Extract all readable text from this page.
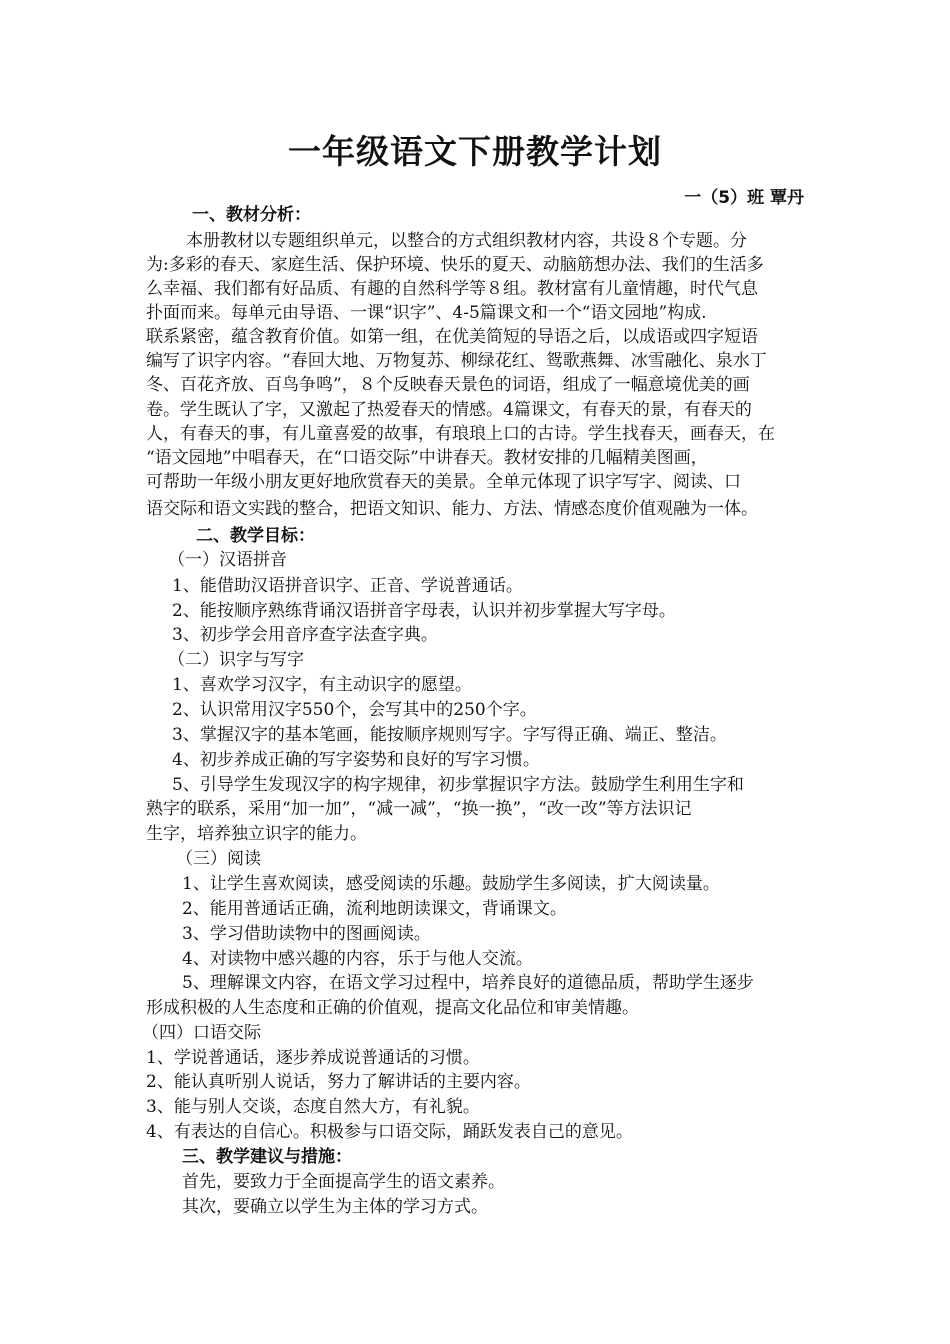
一年级语文下册教学计划
一（5）班 覃丹
一、教材分析：
本册教材以专题组织单元，以整合的方式组织教材内容，共设８个专题。分
为:多彩的春天、家庭生活、保护环境、快乐的夏天、动脑筋想办法、我们的生活多
么幸福、我们都有好品质、有趣的自然科学等８组。教材富有儿童情趣，时代气息
扑面而来。每单元由导语、一课“识字”、4-5篇课文和一个“语文园地”构成.
联系紧密，蕴含教育价值。如第一组，在优美简短的导语之后，以成语或四字短语
编写了识字内容。“春回大地、万物复苏、柳绿花红、鸳歌燕舞、冰雪融化、泉水丁
冬、百花齐放、百鸟争鸣”，８个反映春天景色的词语，组成了一幅意境优美的画
卷。学生既认了字，又激起了热爱春天的情感。4篇课文，有春天的景，有春天的
人，有春天的事，有儿童喜爱的故事，有琅琅上口的古诗。学生找春天，画春天，在
“语文园地”中唱春天，在“口语交际”中讲春天。教材安排的几幅精美图画，
可帮助一年级小朋友更好地欣赏春天的美景。全单元体现了识字写字、阅读、口
语交际和语文实践的整合，把语文知识、能力、方法、情感态度价值观融为一体。
二、教学目标：
（一）汉语拼音
1、能借助汉语拼音识字、正音、学说普通话。
2、能按顺序熟练背诵汉语拼音字母表，认识并初步掌握大写字母。
3、初步学会用音序查字法查字典。
（二）识字与写字
1、喜欢学习汉字，有主动识字的愿望。
2、认识常用汉字550个，会写其中的250个字。
3、掌握汉字的基本笔画，能按顺序规则写字。字写得正确、端正、整洁。
4、初步养成正确的写字姿势和良好的写字习惯。
5、引导学生发现汉字的构字规律，初步掌握识字方法。鼓励学生利用生字和
熟字的联系，采用“加一加”，“减一减”，“换一换”，“改一改”等方法识记
生字，培养独立识字的能力。
（三）阅读
1、让学生喜欢阅读，感受阅读的乐趣。鼓励学生多阅读，扩大阅读量。
2、能用普通话正确，流利地朗读课文，背诵课文。
3、学习借助读物中的图画阅读。
4、对读物中感兴趣的内容，乐于与他人交流。
5、理解课文内容，在语文学习过程中，培养良好的道德品质，帮助学生逐步
形成积极的人生态度和正确的价值观，提高文化品位和审美情趣。
（四）口语交际
1、学说普通话，逐步养成说普通话的习惯。
2、能认真听别人说话，努力了解讲话的主要内容。
3、能与别人交谈，态度自然大方，有礼貌。
4、有表达的自信心。积极参与口语交际，踊跃发表自己的意见。
三、教学建议与措施：
首先，要致力于全面提高学生的语文素养。
其次，要确立以学生为主体的学习方式。
